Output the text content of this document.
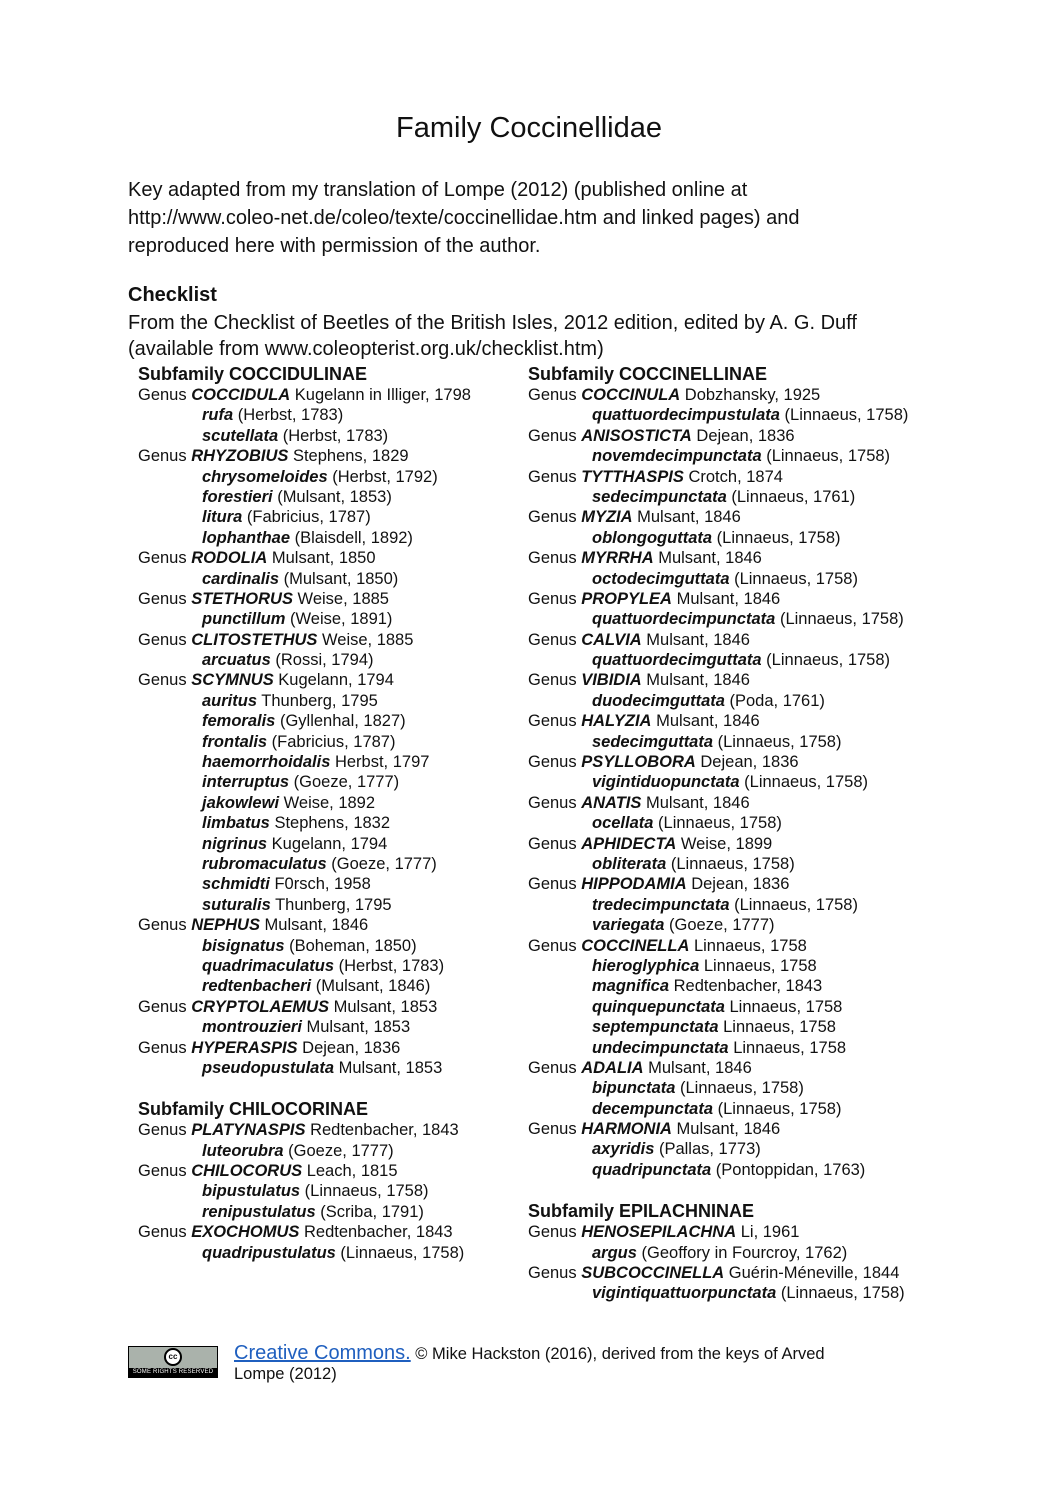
Family Coccinellidae
Key adapted from my translation of Lompe (2012) (published online at
http://www.coleo-net.de/coleo/texte/coccinellidae.htm and linked pages) and
reproduced here with permission of the author.
Checklist
From the Checklist of Beetles of the British Isles, 2012 edition, edited by A. G. Duff
(available from www.coleopterist.org.uk/checklist.htm)
Subfamily COCCIDULINAE
Genus COCCIDULA Kugelann in Illiger, 1798
rufa (Herbst, 1783)
scutellata (Herbst, 1783)
Genus RHYZOBIUS Stephens, 1829
chrysomeloides (Herbst, 1792)
forestieri (Mulsant, 1853)
litura (Fabricius, 1787)
lophanthae (Blaisdell, 1892)
Genus RODOLIA Mulsant, 1850
cardinalis (Mulsant, 1850)
Genus STETHORUS Weise, 1885
punctillum (Weise, 1891)
Genus CLITOSTETHUS Weise, 1885
arcuatus (Rossi, 1794)
Genus SCYMNUS Kugelann, 1794
auritus Thunberg, 1795
femoralis (Gyllenhal, 1827)
frontalis (Fabricius, 1787)
haemorrhoidalis Herbst, 1797
interruptus (Goeze, 1777)
jakowlewi Weise, 1892
limbatus Stephens, 1832
nigrinus Kugelann, 1794
rubromaculatus (Goeze, 1777)
schmidti F0rsch, 1958
suturalis Thunberg, 1795
Genus NEPHUS Mulsant, 1846
bisignatus (Boheman, 1850)
quadrimaculatus (Herbst, 1783)
redtenbacheri (Mulsant, 1846)
Genus CRYPTOLAEMUS Mulsant, 1853
montrouzieri Mulsant, 1853
Genus HYPERASPIS Dejean, 1836
pseudopustulata Mulsant, 1853
Subfamily CHILOCORINAE
Genus PLATYNASPIS Redtenbacher, 1843
luteorubra (Goeze, 1777)
Genus CHILOCORUS Leach, 1815
bipustulatus (Linnaeus, 1758)
renipustulatus (Scriba, 1791)
Genus EXOCHOMUS Redtenbacher, 1843
quadripustulatus (Linnaeus, 1758)
Subfamily COCCINELLINAE
Genus COCCINULA Dobzhansky, 1925
quattuordecimpustulata (Linnaeus, 1758)
Genus ANISOSTICTA Dejean, 1836
novemdecimpunctata (Linnaeus, 1758)
Genus TYTTHASPIS Crotch, 1874
sedecimpunctata (Linnaeus, 1761)
Genus MYZIA Mulsant, 1846
oblongoguttata (Linnaeus, 1758)
Genus MYRRHA Mulsant, 1846
octodecimguttata (Linnaeus, 1758)
Genus PROPYLEA Mulsant, 1846
quattuordecimpunctata (Linnaeus, 1758)
Genus CALVIA Mulsant, 1846
quattuordecimguttata (Linnaeus, 1758)
Genus VIBIDIA Mulsant, 1846
duodecimguttata (Poda, 1761)
Genus HALYZIA Mulsant, 1846
sedecimguttata (Linnaeus, 1758)
Genus PSYLLOBORA Dejean, 1836
vigintiduopunctata (Linnaeus, 1758)
Genus ANATIS Mulsant, 1846
ocellata (Linnaeus, 1758)
Genus APHIDECTA Weise, 1899
obliterata (Linnaeus, 1758)
Genus HIPPODAMIA Dejean, 1836
tredecimpunctata (Linnaeus, 1758)
variegata (Goeze, 1777)
Genus COCCINELLA Linnaeus, 1758
hieroglyphica Linnaeus, 1758
magnifica Redtenbacher, 1843
quinquepunctata Linnaeus, 1758
septempunctata Linnaeus, 1758
undecimpunctata Linnaeus, 1758
Genus ADALIA Mulsant, 1846
bipunctata (Linnaeus, 1758)
decempunctata (Linnaeus, 1758)
Genus HARMONIA Mulsant, 1846
axyridis (Pallas, 1773)
quadripunctata (Pontoppidan, 1763)
Subfamily EPILACHNINAE
Genus HENOSEPILACHNA Li, 1961
argus (Geoffory in Fourcroy, 1762)
Genus SUBCOCCINELLA Guérin-Méneville, 1844
vigintiquattuorpunctata (Linnaeus, 1758)
cc
SOME RIGHTS RESERVED
Creative Commons. © Mike Hackston (2016), derived from the keys of Arved
Lompe (2012)
